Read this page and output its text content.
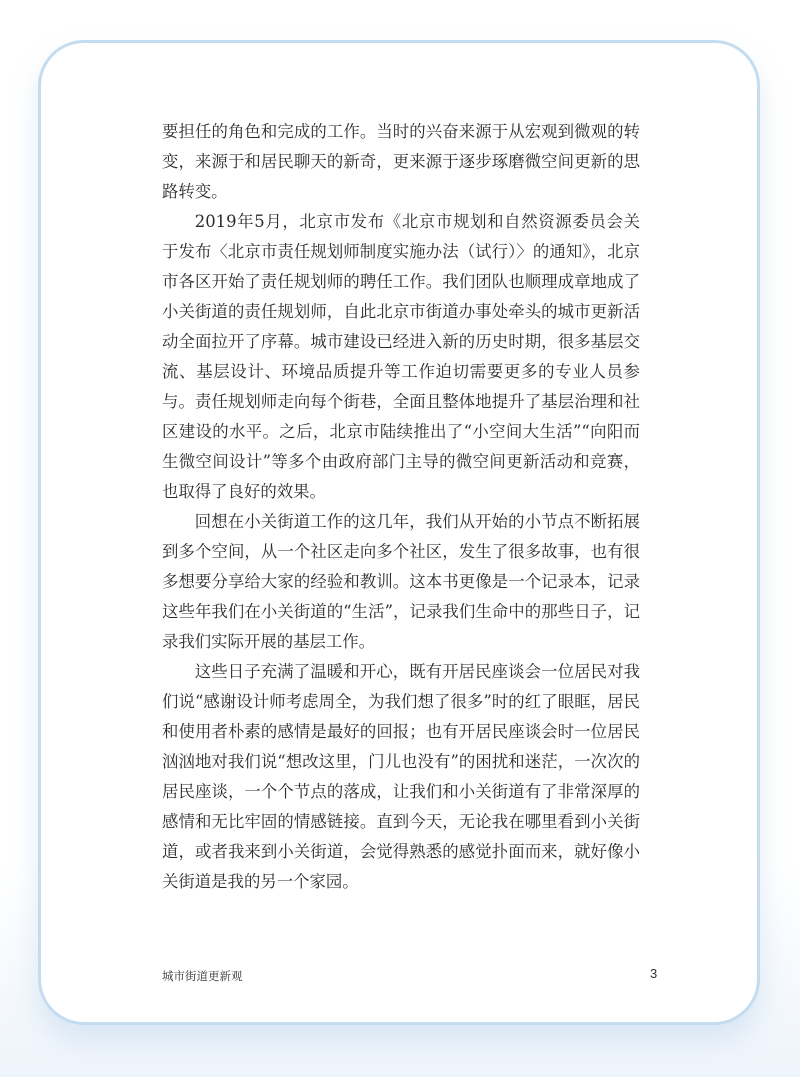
要担任的角色和完成的工作。当时的兴奋来源于从宏观到微观的转变，来源于和居民聊天的新奇，更来源于逐步琢磨微空间更新的思路转变。

2019年5月，北京市发布《北京市规划和自然资源委员会关于发布〈北京市责任规划师制度实施办法（试行）〉的通知》，北京市各区开始了责任规划师的聘任工作。我们团队也顺理成章地成了小关街道的责任规划师，自此北京市街道办事处牵头的城市更新活动全面拉开了序幕。城市建设已经进入新的历史时期，很多基层交流、基层设计、环境品质提升等工作迫切需要更多的专业人员参与。责任规划师走向每个街巷，全面且整体地提升了基层治理和社区建设的水平。之后，北京市陆续推出了“小空间大生活”“向阳而生微空间设计”等多个由政府部门主导的微空间更新活动和竞赛，也取得了良好的效果。

回想在小关街道工作的这几年，我们从开始的小节点不断拓展到多个空间，从一个社区走向多个社区，发生了很多故事，也有很多想要分享给大家的经验和教训。这本书更像是一个记录本，记录这些年我们在小关街道的“生活”，记录我们生命中的那些日子，记录我们实际开展的基层工作。

这些日子充满了温暖和开心，既有开居民座谈会一位居民对我们说“感谢设计师考虑周全，为我们想了很多”时的红了眼眶，居民和使用者朴素的感情是最好的回报；也有开居民座谈会时一位居民汹汹地对我们说“想改这里，门儿也没有”的困扰和迷茫，一次次的居民座谈，一个个节点的落成，让我们和小关街道有了非常深厚的感情和无比牢固的情感链接。直到今天，无论我在哪里看到小关街道，或者我来到小关街道，会觉得熟悉的感觉扑面而来，就好像小关街道是我的另一个家园。

城市街道更新观	3
